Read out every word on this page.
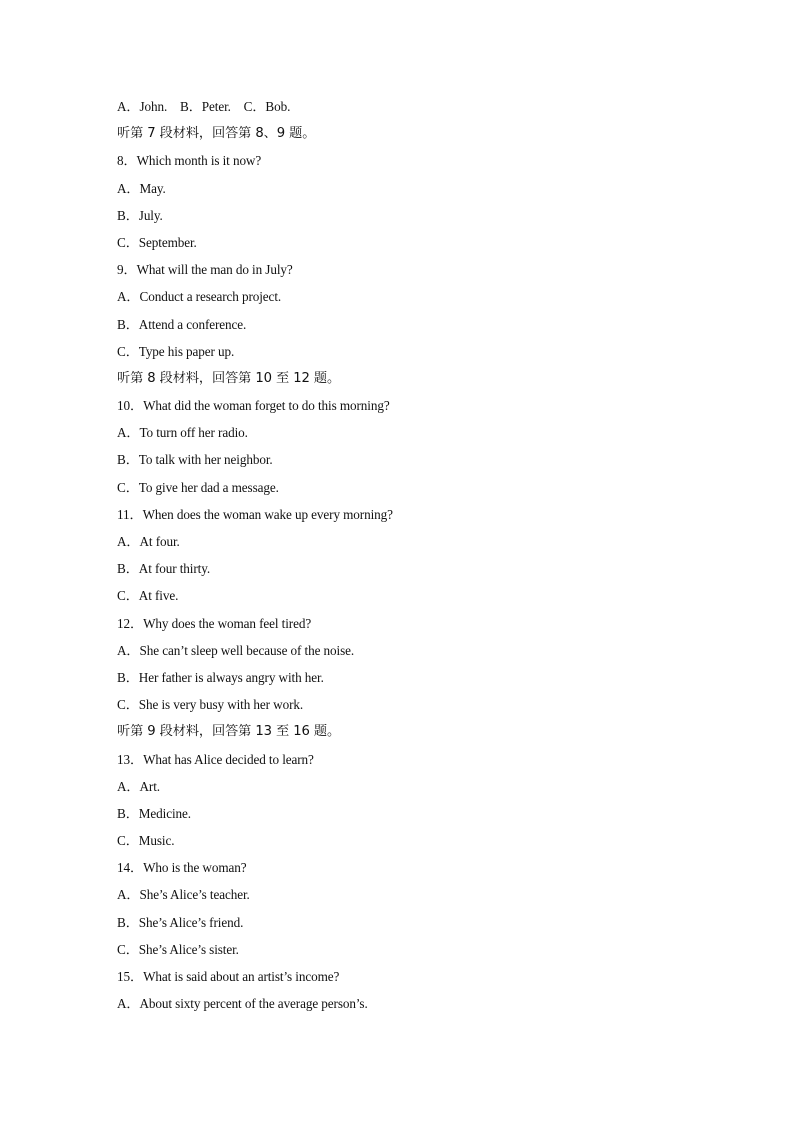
A．John.    B．Peter.    C．Bob.
听第 7 段材料，回答第 8、9 题。
8．Which month is it now?
A．May.
B．July.
C．September.
9．What will the man do in July?
A．Conduct a research project.
B．Attend a conference.
C．Type his paper up.
听第 8 段材料，回答第 10 至 12 题。
10．What did the woman forget to do this morning?
A．To turn off her radio.
B．To talk with her neighbor.
C．To give her dad a message.
11．When does the woman wake up every morning?
A．At four.
B．At four thirty.
C．At five.
12．Why does the woman feel tired?
A．She can’t sleep well because of the noise.
B．Her father is always angry with her.
C．She is very busy with her work.
听第 9 段材料，回答第 13 至 16 题。
13．What has Alice decided to learn?
A．Art.
B．Medicine.
C．Music.
14．Who is the woman?
A．She’s Alice’s teacher.
B．She’s Alice’s friend.
C．She’s Alice’s sister.
15．What is said about an artist’s income?
A．About sixty percent of the average person’s.
